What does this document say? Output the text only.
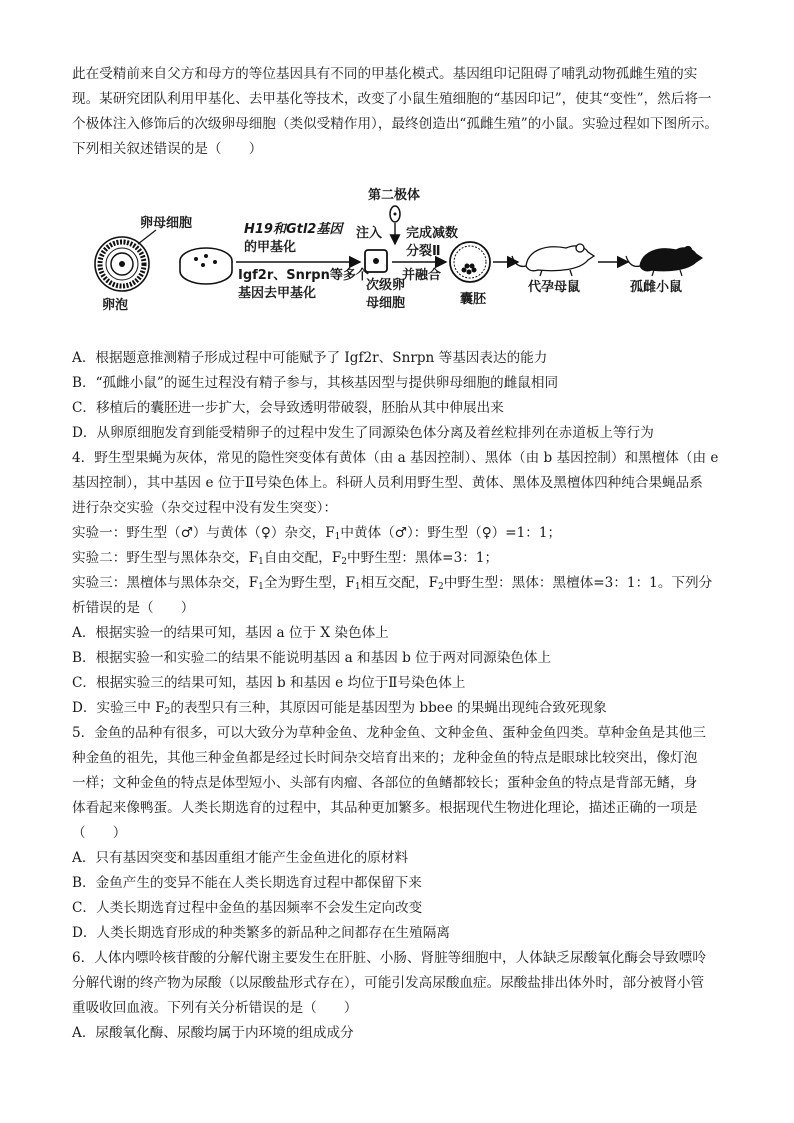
此在受精前来自父方和母方的等位基因具有不同的甲基化模式。基因组印记阻碍了哺乳动物孤雌生殖的实

现。某研究团队利用甲基化、去甲基化等技术，改变了小鼠生殖细胞的“基因印记”，使其“变性”，然后将一

个极体注入修饰后的次级卵母细胞（类似受精作用），最终创造出“孤雌生殖”的小鼠。实验过程如下图所示。

下列相关叙述错误的是（　　）

卵泡
卵母细胞	H19和Gtl2基因
的甲基化
Igf2r、Snrpn等多个
基因去甲基化
第二极体
注入 完成减数
分裂Ⅱ
并融合
次级卵
母细胞	囊胚
代孕母鼠	孤雌小鼠

A．根据题意推测精子形成过程中可能赋予了 Igf2r、Snrpn 等基因表达的能力

B．“孤雌小鼠”的诞生过程没有精子参与，其核基因型与提供卵母细胞的雌鼠相同

C．移植后的囊胚进一步扩大，会导致透明带破裂，胚胎从其中伸展出来

D．从卵原细胞发育到能受精卵子的过程中发生了同源染色体分离及着丝粒排列在赤道板上等行为

4．野生型果蝇为灰体，常见的隐性突变体有黄体（由 a 基因控制）、黑体（由 b 基因控制）和黑檀体（由 e

基因控制），其中基因 e 位于Ⅱ号染色体上。科研人员利用野生型、黄体、黑体及黑檀体四种纯合果蝇品系

进行杂交实验（杂交过程中没有发生突变）：

实验一：野生型（♂）与黄体（♀）杂交，$F_1$中黄体（♂）：野生型（♀）=1：1；

实验二：野生型与黑体杂交，$F_1$自由交配，$F_2$中野生型：黑体=3：1；

实验三：黑檀体与黑体杂交，$F_1$全为野生型，$F_1$相互交配，$F_2$中野生型：黑体：黑檀体=3：1：1。下列分

析错误的是（　　）

A．根据实验一的结果可知，基因 a 位于 X 染色体上

B．根据实验一和实验二的结果不能说明基因 a 和基因 b 位于两对同源染色体上

C．根据实验三的结果可知，基因 b 和基因 e 均位于Ⅱ号染色体上

D．实验三中 $F_2$的表型只有三种，其原因可能是基因型为 bbee 的果蝇出现纯合致死现象

5．金鱼的品种有很多，可以大致分为草种金鱼、龙种金鱼、文种金鱼、蛋种金鱼四类。草种金鱼是其他三

种金鱼的祖先，其他三种金鱼都是经过长时间杂交培育出来的；龙种金鱼的特点是眼球比较突出，像灯泡

一样；文种金鱼的特点是体型短小、头部有肉瘤、各部位的鱼鳍都较长；蛋种金鱼的特点是背部无鳍，身

体看起来像鸭蛋。人类长期选育的过程中，其品种更加繁多。根据现代生物进化理论，描述正确的一项是

（　　）

A．只有基因突变和基因重组才能产生金鱼进化的原材料

B．金鱼产生的变异不能在人类长期选育过程中都保留下来

C．人类长期选育过程中金鱼的基因频率不会发生定向改变

D．人类长期选育形成的种类繁多的新品种之间都存在生殖隔离

6．人体内嘌呤核苷酸的分解代谢主要发生在肝脏、小肠、肾脏等细胞中，人体缺乏尿酸氧化酶会导致嘌呤

分解代谢的终产物为尿酸（以尿酸盐形式存在），可能引发高尿酸血症。尿酸盐排出体外时，部分被肾小管

重吸收回血液。下列有关分析错误的是（　　）

A．尿酸氧化酶、尿酸均属于内环境的组成成分
